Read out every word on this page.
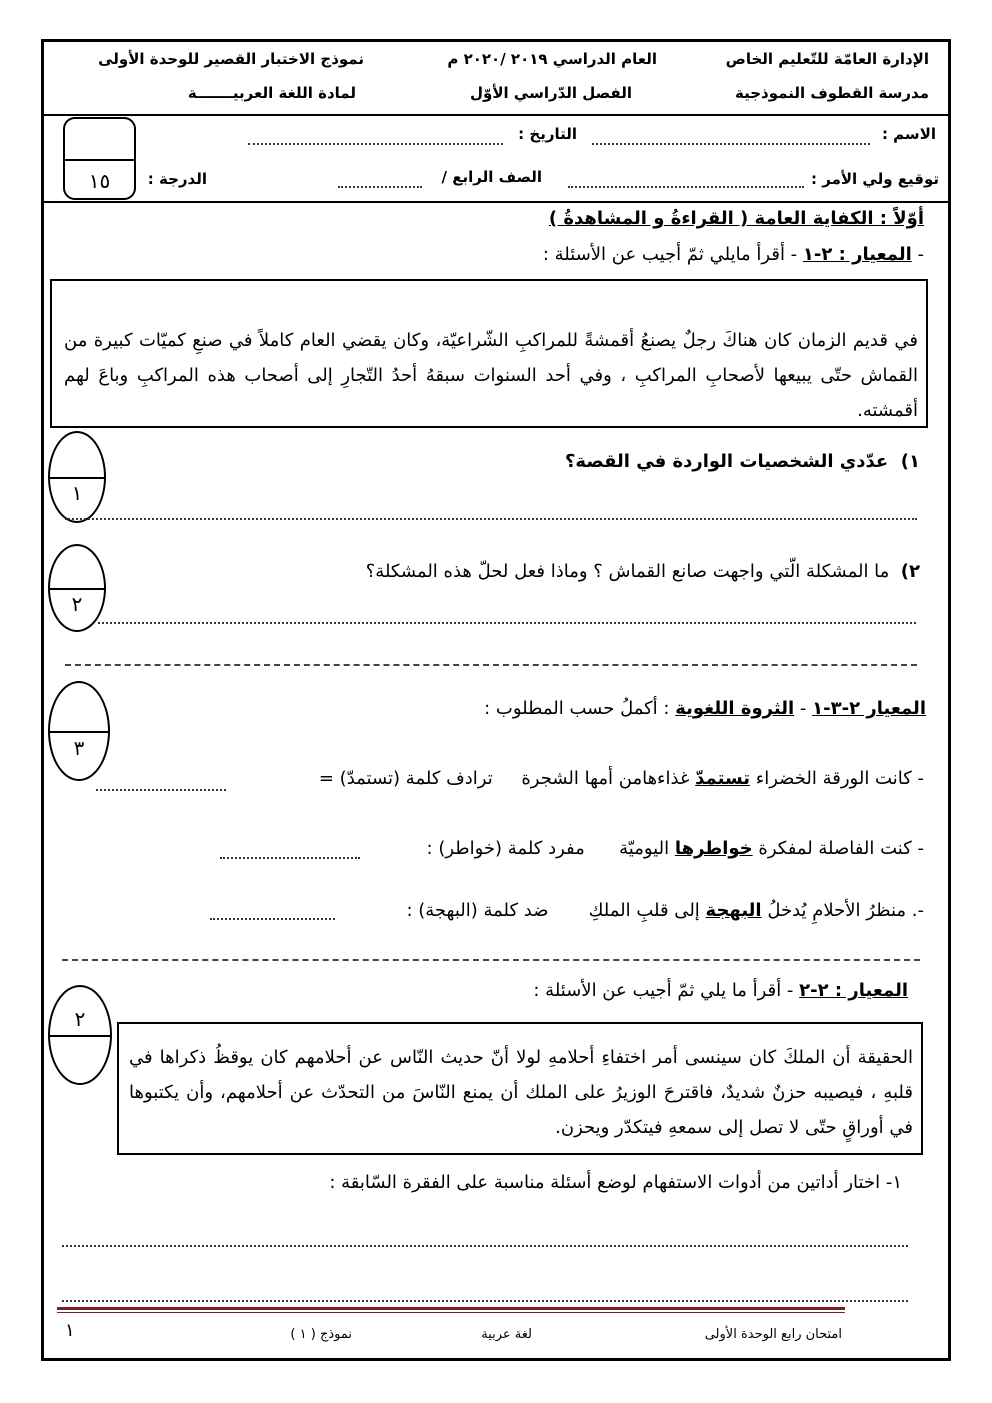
الإدارة العامّة للتّعليم الخاص
مدرسة القطوف النموذجية
العام الدراسي ٢٠١٩ /٢٠٢٠ م
الفصل الدّراسي الأوّل
نموذج الاختبار القصير للوحدة الأولى
لمادة اللغة العربيـــــــة
الاسم :
التاريخ :
توقيع ولي الأمر :
الصف الرابع /
الدرجة :
١٥
أوّلاً : الكفاية العامة ( القراءةُ و المشاهدةُ )
- المعيار : ٢-١ - أقرأ مايلي ثمّ أجيب عن الأسئلة :
في قديم الزمان كان هناكَ رجلٌ يصنعُ أقمشةً للمراكبِ الشّراعيّة، وكان يقضي العام كاملاً في صنعِ كميّات كبيرة من القماش حتّى يبيعها لأصحابِ المراكبِ ، وفي أحد السنوات سبقهُ أحدُ التّجارِ إلى أصحاب هذه المراكبِ وباعَ لهم أقمشته.
١
١)  عدّدي الشخصيات الواردة في القصة؟
٢
٢)  ما المشكلة الّتي واجهت صانع القماش ؟ وماذا فعل لحلّ هذه المشكلة؟
٣
المعيار ٢-٣-١ - الثروة اللغوية : أكملُ حسب المطلوب :
- كانت الورقة الخضراء تستمدّ غذاءهامن أمها الشجرة     ترادف كلمة (تستمدّ) =
- كنت الفاصلة لمفكرة خواطرها اليوميّة      مفرد كلمة (خواطر) :
-. منظرُ الأحلامِ يُدخلُ البهجة إلى قلبِ الملكِ       ضد كلمة (البهجة) :
٢
المعيار : ٢-٢ - أقرأ ما يلي ثمّ أجيب عن الأسئلة :
الحقيقة أن الملكَ كان سينسى أمر اختفاءِ أحلامهِ لولا أنّ حديث النّاس عن أحلامهم كان يوقظُ ذكراها في قلبهِ ، فيصيبه حزنٌ شديدٌ، فاقترحَ الوزيرُ على الملك أن يمنع النّاسَ من التحدّث عن أحلامهم، وأن يكتبوها في أوراقٍ حتّى لا تصل إلى سمعهِ فيتكدّر ويحزن.
١- اختار أداتين من أدوات الاستفهام لوضع أسئلة مناسبة على الفقرة السّابقة :
امتحان رابع الوحدة الأولى
لغة عربية
نموذج ( ١ )
١
